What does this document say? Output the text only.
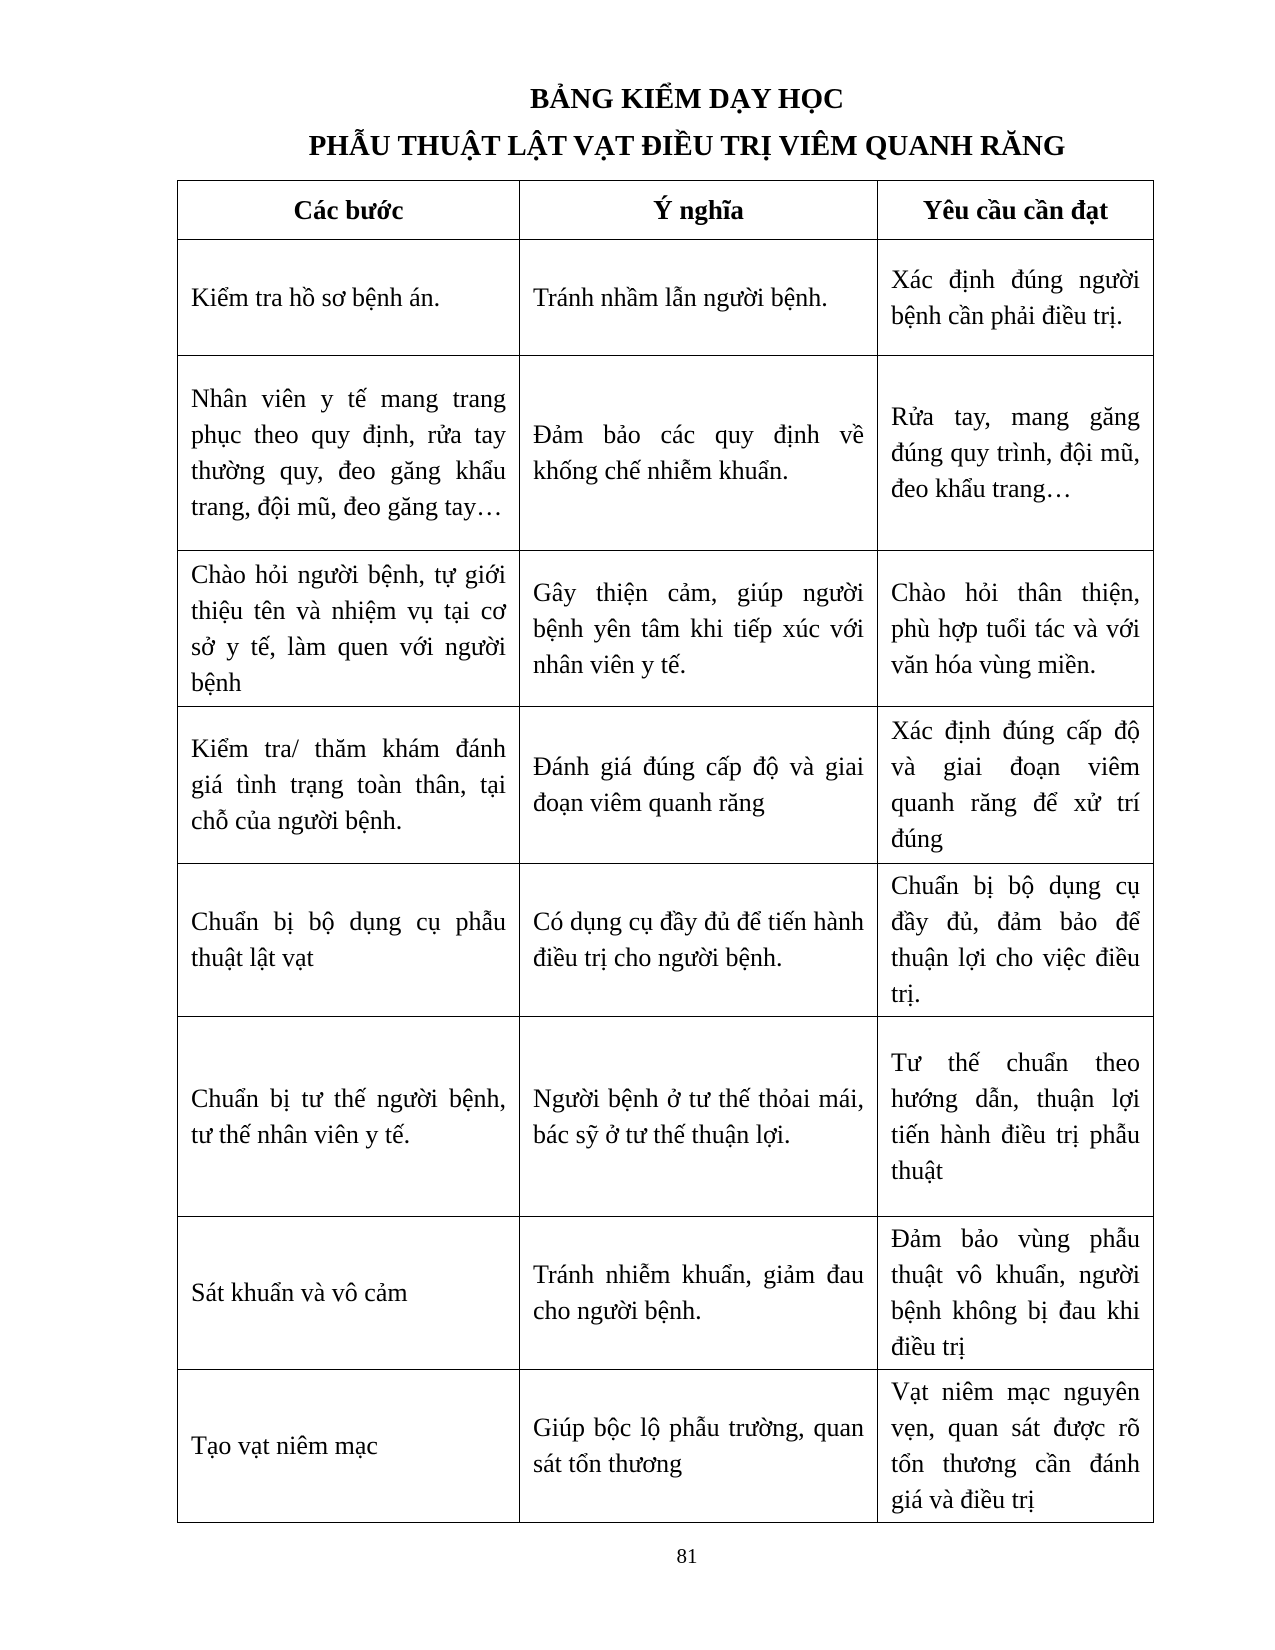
BẢNG KIỂM DẠY HỌC
PHẪU THUẬT LẬT VẠT ĐIỀU TRỊ VIÊM QUANH RĂNG
Các bước	Ý nghĩa	Yêu cầu cần đạt
Kiểm tra hồ sơ bệnh án.	Tránh nhầm lẫn người bệnh.	Xác định đúng người bệnh cần phải điều trị.
Nhân viên y tế mang trang phục theo quy định, rửa tay thường quy, đeo găng khẩu trang, đội mũ, đeo găng tay…	Đảm bảo các quy định về khống chế nhiễm khuẩn.	Rửa tay, mang găng đúng quy trình, đội mũ, đeo khẩu trang…
Chào hỏi người bệnh, tự giới thiệu tên và nhiệm vụ tại cơ sở y tế, làm quen với người bệnh	Gây thiện cảm, giúp người bệnh yên tâm khi tiếp xúc với nhân viên y tế.	Chào hỏi thân thiện, phù hợp tuổi tác và với văn hóa vùng miền.
Kiểm tra/ thăm khám đánh giá tình trạng toàn thân, tại chỗ của người bệnh.	Đánh giá đúng cấp độ và giai đoạn viêm quanh răng	Xác định đúng cấp độ và giai đoạn viêm quanh răng để xử trí đúng
Chuẩn bị bộ dụng cụ phẫu thuật lật vạt	Có dụng cụ đầy đủ để tiến hành điều trị cho người bệnh.	Chuẩn bị bộ dụng cụ đầy đủ, đảm bảo để thuận lợi cho việc điều trị.
Chuẩn bị tư thế người bệnh, tư thế nhân viên y tế.	Người bệnh ở tư thế thỏai mái, bác sỹ ở tư thế thuận lợi.	Tư thế chuẩn theo hướng dẫn, thuận lợi tiến hành điều trị phẫu thuật
Sát khuẩn và vô cảm	Tránh nhiễm khuẩn, giảm đau cho người bệnh.	Đảm bảo vùng phẫu thuật vô khuẩn, người bệnh không bị đau khi điều trị
Tạo vạt niêm mạc	Giúp bộc lộ phẫu trường, quan sát tổn thương	Vạt niêm mạc nguyên vẹn, quan sát được rõ tổn thương cần đánh giá và điều trị
81
